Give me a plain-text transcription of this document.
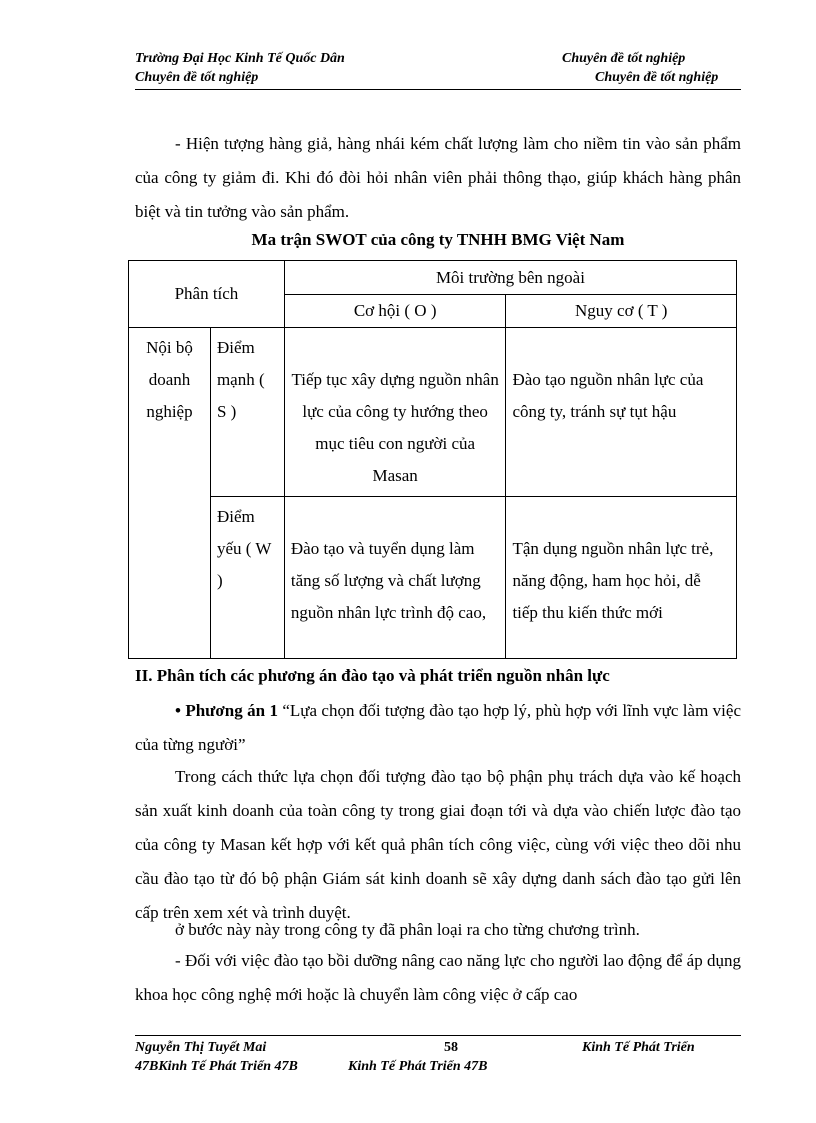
Trường Đại Học Kinh Tế Quốc Dân	Chuyên đề tốt nghiệp
Chuyên đề tốt nghiệp	Chuyên đề tốt nghiệp
- Hiện tượng hàng giả, hàng nhái kém chất lượng làm cho niềm tin vào sản phẩm của công ty giảm đi. Khi đó đòi hỏi nhân viên phải thông thạo, giúp khách hàng phân biệt và tin tưởng vào sản phẩm.
Ma trận SWOT của công ty TNHH BMG Việt Nam
Phân tích		Môi trường bên ngoài	
		Cơ hội ( O )	Nguy cơ ( T )

Nội bộ doanh nghiệp	Điểm mạnh ( S )	Tiếp tục xây dựng nguồn nhân lực của công ty hướng theo mục tiêu con người của Masan	Đào tạo nguồn nhân lực của công ty, tránh sự tụt hậu

	Điểm yếu ( W )	Đào tạo và tuyển dụng làm tăng số lượng và chất lượng nguồn nhân lực trình độ cao,	Tận dụng nguồn nhân lực trẻ, năng động, ham học hỏi, dễ tiếp thu kiến thức mới
II. Phân tích các phương án đào tạo và phát triển nguồn nhân lực
• Phương án 1 “Lựa chọn đối tượng đào tạo hợp lý, phù hợp với lĩnh vực làm việc của từng người”
Trong cách thức lựa chọn đối tượng đào tạo bộ phận phụ trách dựa vào kế hoạch sản xuất kinh doanh của toàn công ty trong giai đoạn tới và dựa vào chiến lược đào tạo của công ty Masan kết hợp với kết quả phân tích công việc, cùng với việc theo dõi nhu cầu đào tạo từ đó bộ phận Giám sát kinh doanh sẽ xây dựng danh sách đào tạo gửi lên cấp trên xem xét và trình duyệt.
ở bước này này trong công ty đã phân loại ra cho từng chương trình.
- Đối với việc đào tạo bồi dưỡng nâng cao năng lực cho người lao động để áp dụng khoa học công nghệ mới hoặc là chuyển làm công việc ở cấp cao
Nguyễn Thị Tuyết Mai	58	Kinh Tế Phát Triển
47BKinh Tế Phát Triển 47B	Kinh Tế Phát Triển 47B
